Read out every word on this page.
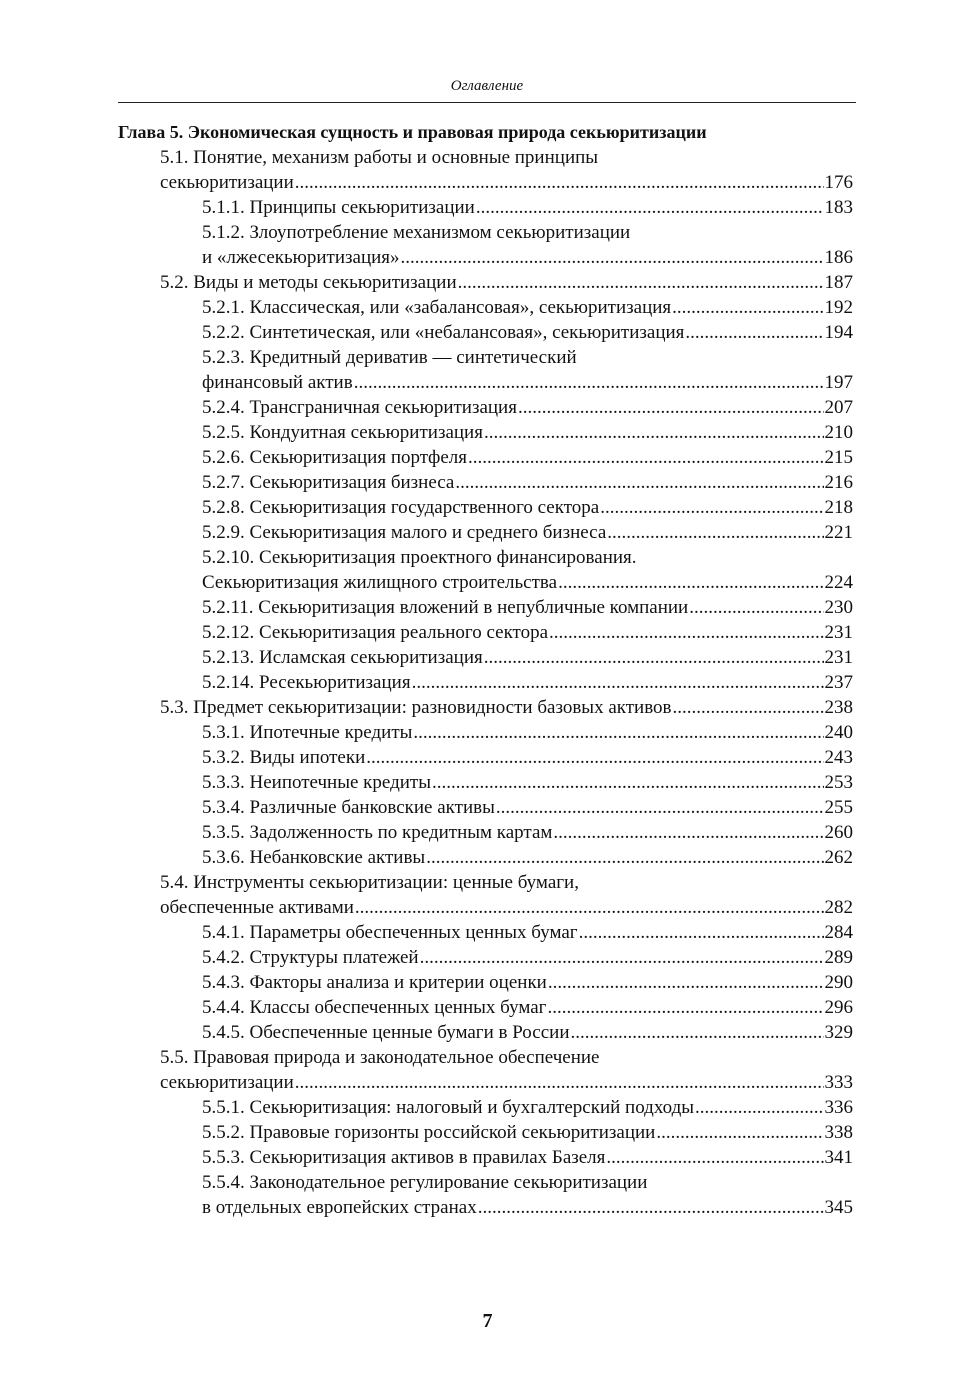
Оглавление
Глава 5. Экономическая сущность и правовая природа секьюритизации
5.1. Понятие, механизм работы и основные принципы
секьюритизации .....	176
5.1.1. Принципы секьюритизации .....	183
5.1.2. Злоупотребление механизмом секьюритизации
и «лжесекьюритизация» .....	186
5.2. Виды и методы секьюритизации .....	187
5.2.1. Классическая, или «забалансовая», секьюритизация .....	192
5.2.2. Синтетическая, или «небалансовая», секьюритизация .....	194
5.2.3. Кредитный дериватив — синтетический
финансовый актив .....	197
5.2.4. Трансграничная секьюритизация .....	207
5.2.5. Кондуитная секьюритизация .....	210
5.2.6. Секьюритизация портфеля .....	215
5.2.7. Секьюритизация бизнеса .....	216
5.2.8. Секьюритизация государственного сектора .....	218
5.2.9. Секьюритизация малого и среднего бизнеса .....	221
5.2.10. Секьюритизация проектного финансирования.
Секьюритизация жилищного строительства .....	224
5.2.11. Секьюритизация вложений в непубличные компании .....	230
5.2.12. Секьюритизация реального сектора .....	231
5.2.13. Исламская секьюритизация .....	231
5.2.14. Ресекьюритизация .....	237
5.3. Предмет секьюритизации: разновидности базовых активов .....	238
5.3.1. Ипотечные кредиты .....	240
5.3.2. Виды ипотеки .....	243
5.3.3. Неипотечные кредиты .....	253
5.3.4. Различные банковские активы .....	255
5.3.5. Задолженность по кредитным картам .....	260
5.3.6. Небанковские активы .....	262
5.4. Инструменты секьюритизации: ценные бумаги,
обеспеченные активами .....	282
5.4.1. Параметры обеспеченных ценных бумаг .....	284
5.4.2. Структуры платежей .....	289
5.4.3. Факторы анализа и критерии оценки .....	290
5.4.4. Классы обеспеченных ценных бумаг .....	296
5.4.5. Обеспеченные ценные бумаги в России .....	329
5.5. Правовая природа и законодательное обеспечение
секьюритизации .....	333
5.5.1. Секьюритизация: налоговый и бухгалтерский подходы .....	336
5.5.2. Правовые горизонты российской секьюритизации .....	338
5.5.3. Секьюритизация активов в правилах Базеля .....	341
5.5.4. Законодательное регулирование секьюритизации
в отдельных европейских странах .....	345
7
